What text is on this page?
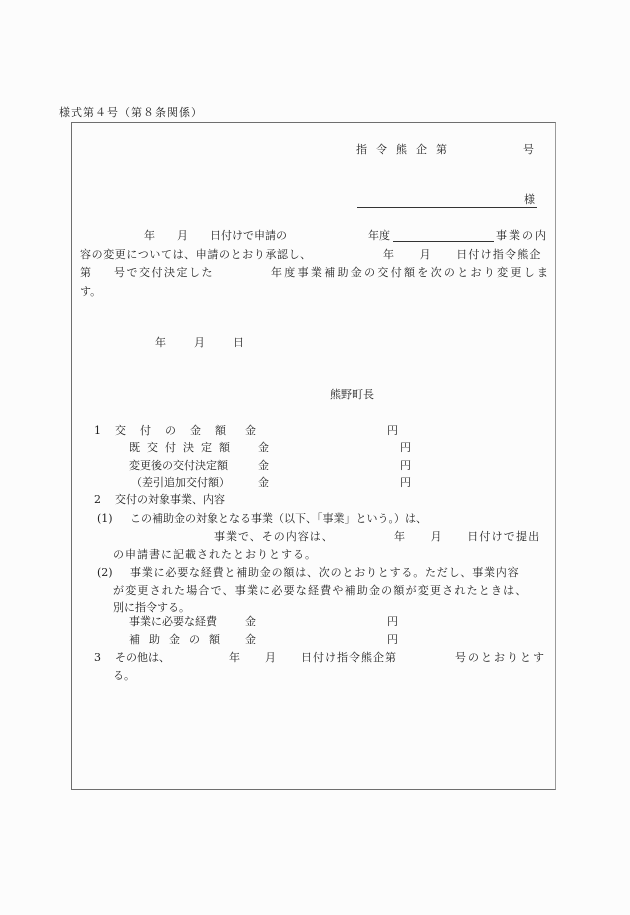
様式第４号（第８条関係）
指令熊企第	号
様
年　　月　　日付けで申請の	年度	事業の内
容の変更については、申請のとおり承認し、	年　　月　　日付け指令熊企
第 号で交付決定した	年度事業補助金の交付額を次のとおり変更しま
す。
年　　月　　日
熊野町長
1 交付の金額 金	円
既交付決定額 金	円
変更後の交付決定額	金	円
（差引追加交付額）	金	円
2 交付の対象事業、内容
(1) この補助金の対象となる事業（以下、「事業」という。）は、
事業で、その内容は、	年　　月　　日付けで提出
の申請書に記載されたとおりとする。
(2) 事業に必要な経費と補助金の額は、次のとおりとする。ただし、事業内容
が変更された場合で、事業に必要な経費や補助金の額が変更されたときは、
別に指令する。
事業に必要な経費	金	円
補助金の額 金	円
3 その他は、	年　　月　　日付け指令熊企第	号のとおりとす
る。
